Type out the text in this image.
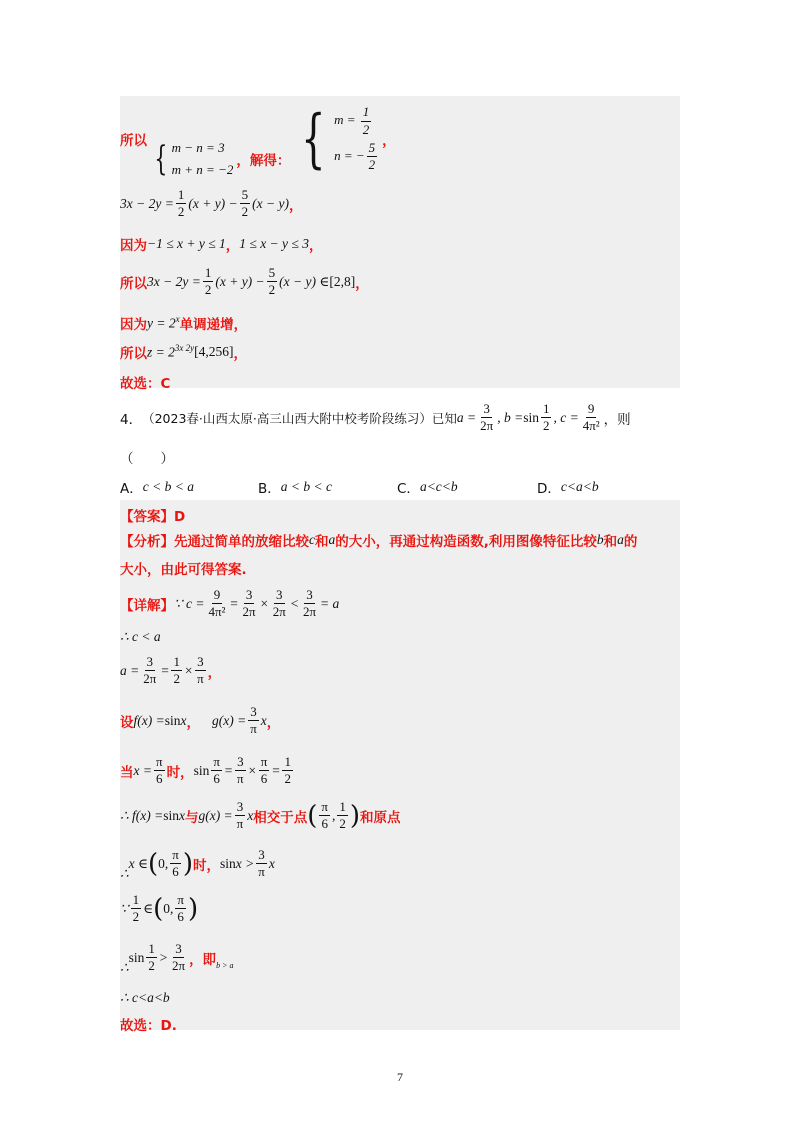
所以 { m − n = 3
m + n = −2
，解得： { $m = \frac{1}{2}$
n = − $\frac{5}{2}$ ，
$3x - 2y = \frac{1}{2} (x + y) - \frac{5}{2} (x - y)$ ，
因为 −1 ≤ x + y ≤ 1 ， 1 ≤ x − y ≤ 3 ，
所以 $3x - 2y = \frac{1}{2} (x + y) - \frac{5}{2} (x - y)$ ∈ [2,8] ，
因为 $y = 2^x$ 单调递增，
所以 $z = 2^{3x 2y}$ [4,256] ，
故选：C
4． （2023春·山西太原·高三山西大附中校考阶段练习）已知 $a = \frac{3}{2\pi}$ , $b = \sin \frac{1}{2}$ , $c = \frac{9}{\text{4π²}}$ ，则
（　　）
A． c < b < a	B． a < b < c	C． a<c<b	D． c<a<b
【答案】D
【分析】 先通过简单的放缩比较 c 和 a 的大小，再通过构造函数,利用图像特征比较 b 和 a 的
大小，由此可得答案.
【详解】 ∵ $c = \frac{9}{\text{4π²}} = \frac{3}{2\pi} \times \frac{3}{2\pi} < \frac{3}{2\pi} = a$
∴ c < a
$a = \frac{3}{2\pi} = \frac{1}{2} \times \frac{3}{\pi}$ ，
设 f(x) = sin x ， $g(x) = \frac{3}{\pi}$ x ，
当 $x = \frac{\pi}{6}$ 时， $\sin \frac{\pi}{6} = \frac{3}{\pi} \times \frac{\pi}{6} = \frac{1}{2}$
∴ f(x) = sin x 与 $g(x) = \frac{3}{\pi}$ x 相交于点 ( $\frac{\pi}{6}$ , $\frac{1}{2}$ ) 和原点
∴
x ∈ ( 0, $\frac{\pi}{6}$ ) 时， $\sin x > \frac{3}{\pi}$ x
∵ $\frac{1}{2}$ ∈ ( 0, $\frac{\pi}{6}$ )
∴
$\sin \frac{1}{2} > \frac{3}{2\pi}$ ，即 b > a
∴ c<a<b
故选：D.
7
